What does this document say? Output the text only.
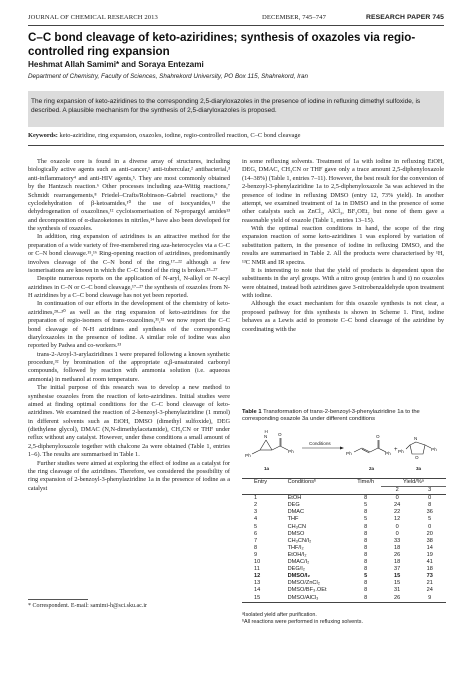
JOURNAL OF CHEMICAL RESEARCH 2013	DECEMBER, 745–747	RESEARCH PAPER 745
C–C bond cleavage of keto-aziridines; synthesis of oxazoles via regio-
controlled ring expansion
Heshmat Allah Samimi* and Soraya Entezami
Department of Chemistry, Faculty of Sciences, Shahrekord University, PO Box 115, Shahrekord, Iran
The ring expansion of keto-aziridines to the corresponding 2,5-diaryloxazoles in the presence of iodine in refluxing dimethyl sulfoxide, is described. A plausible mechanism for the synthesis of 2,5-diaryloxazoles is proposed.
Keywords: keto-aziridine, ring expansion, oxazoles, iodine, regio-controlled reaction, C–C bond cleavage

The oxazole core is found in a diverse array of structures, including biologically active agents such as anti-cancer,¹ anti-tubercular,² antibacterial,³ anti-inflammatory⁴ and anti-HIV agents,⁵. They are most commonly obtained by the Hantzsch reaction.⁶ Other processes including aza-Wittig reactions,⁷ Schmidt rearrangements,⁸ Friedel–Crafts/Robinson–Gabriel reactions,⁹ the cyclodehydration of β-ketoamides,¹⁰ the use of isocyanides,¹¹ the dehydrogenation of oxazolines,¹² cycloisomerisation of N-propargyl amides¹³ and decomposition of α-diazoketones in nitriles,¹⁴ have also been developed for the synthesis of oxazoles.

In addition, ring expansion of aziridines is an attractive method for the preparation of a wide variety of five-membered ring aza-heterocycles via a C–C or C–N bond cleavage.¹⁵,¹⁶ Ring-opening reaction of aziridines, predominantly involves cleavage of the C–N bond of the ring,¹⁷–²² although a few isomerisations are known in which the C–C bond of the ring is broken.²³–²⁷

Despite numerous reports on the application of N-aryl, N-alkyl or N-acyl aziridines in C–N or C–C bond cleavage,¹⁷–²⁷ the synthesis of oxazoles from N-H aziridines by a C–C bond cleavage has not yet been reported.

In continuation of our efforts in the development of the chemistry of keto-aziridines,²⁸–³⁰ as well as the ring expansion of keto-aziridines for the preparation of regio-isomers of trans-oxazolines,³¹,³² we now report the C–C bond cleavage of N-H aziridines and synthesis of the corresponding diaryloxazoles in the presence of iodine. A similar role of iodine was also reported by Padwa and co-workers.³³

trans-2-Aroyl-3-arylaziridines 1 were prepared following a known synthetic procedure,³² by bromination of the appropriate α,β-unsaturated carbonyl compounds, followed by reaction with ammonia solution (i.e. aqueous ammonia) in methanol at room temperature.

The initial purpose of this research was to develop a new method to synthesise oxazoles from the reaction of keto-aziridines. Initial studies were aimed at finding optimal conditions for the C–C bond cleavage of keto-aziridines. We examined the reaction of 2-benzoyl-3-phenylaziridine (1 mmol) in different solvents such as EtOH, DMSO (dimethyl sulfoxide), DEG (diethylene glycol), DMAC (N,N-dimethylacetamide), CH₃CN or THF under reflux without any catalyst. However, under these conditions a small amount of 2,5-diphenyloxazole together with chalcone 2a were obtained (Table 1, entries 1–6). The results are summarised in Table 1.

Further studies were aimed at exploring the effect of iodine as a catalyst for the ring cleavage of the aziridines. Therefore, we considered the possibility of ring expansion of 2-benzoyl-3-phenylaziridine 1a in the presence of iodine as a catalyst

* Correspondent. E-mail: samimi-h@sci.sku.ac.ir

in some refluxing solvents. Treatment of 1a with iodine in refluxing EtOH, DEG, DMAC, CH₃CN or THF gave only a trace amount 2,5-diphenyloxazole (14–38%) (Table 1, entries 7–11). However, the best result for the conversion of 2-benzoyl-3-phenylaziridine 1a to 2,5-diphenyloxazole 3a was achieved in the presence of iodine in refluxing DMSO (entry 12, 73% yield). In another attempt, we examined treatment of 1a in DMSO and in the presence of some other catalysts such as ZnCl₂, AlCl₃, BF₃OEt₂ but none of them gave a reasonable yield of oxazole (Table 1, entries 13–15).

With the optimal reaction conditions in hand, the scope of the ring expansion reaction of some keto-aziridines 1 was explored by variation of substitution pattern, in the presence of iodine in refluxing DMSO, and the results are summarised in Table 2. All the products were characterised by ¹H, ¹³C NMR and IR spectra.

It is interesting to note that the yield of products is dependent upon the substituents in the aryl groups. With a nitro group (entries h and i) no oxazoles were obtained, instead both aziridines gave 3-nitrobenzaldehyde upon treatment with iodine.

Although the exact mechanism for this oxazole synthesis is not clear, a proposed pathway for this synthesis is shown in Scheme 1. First, iodine behaves as a Lewis acid to promote C–C bond cleavage of the aziridine by coordinating with the

Table 1 Transformation of trans-2-benzoyl-3-phenylaziridine 1a to the corresponding oxazole 3a under different conditions
Ph
N
H
O
Ph
1a
Conditions
Ph	Ph
O
2a
+ Ph
N
O
Ph
3a
Entry	Conditionsᵇ	Time/h	Yield/%ᵃ	
			2	3
1	EtOH	8	0	0
2	DEG	5	24	8
3	DMAC	8	22	36
4	THF	5	12	5
5	CH₃CN	8	0	0
6	DMSO	8	0	20
7	CH₃CN/I₂	8	33	38
8	THF/I₂	8	18	14
9	EtOH/I₂	8	26	19
10	DMAC/I₂	8	18	41
11	DEG/I₂	8	37	18
12	DMSO/I₂	5	15	73
13	DMSO/ZnCl₂	8	15	21
14	DMSO/BF₃.OEt	8	31	24
15	DMSO/AlCl₃	8	26	9
ᵃIsolated yield after purification.
ᵇAll reactions were performed in refluxing solvents.
